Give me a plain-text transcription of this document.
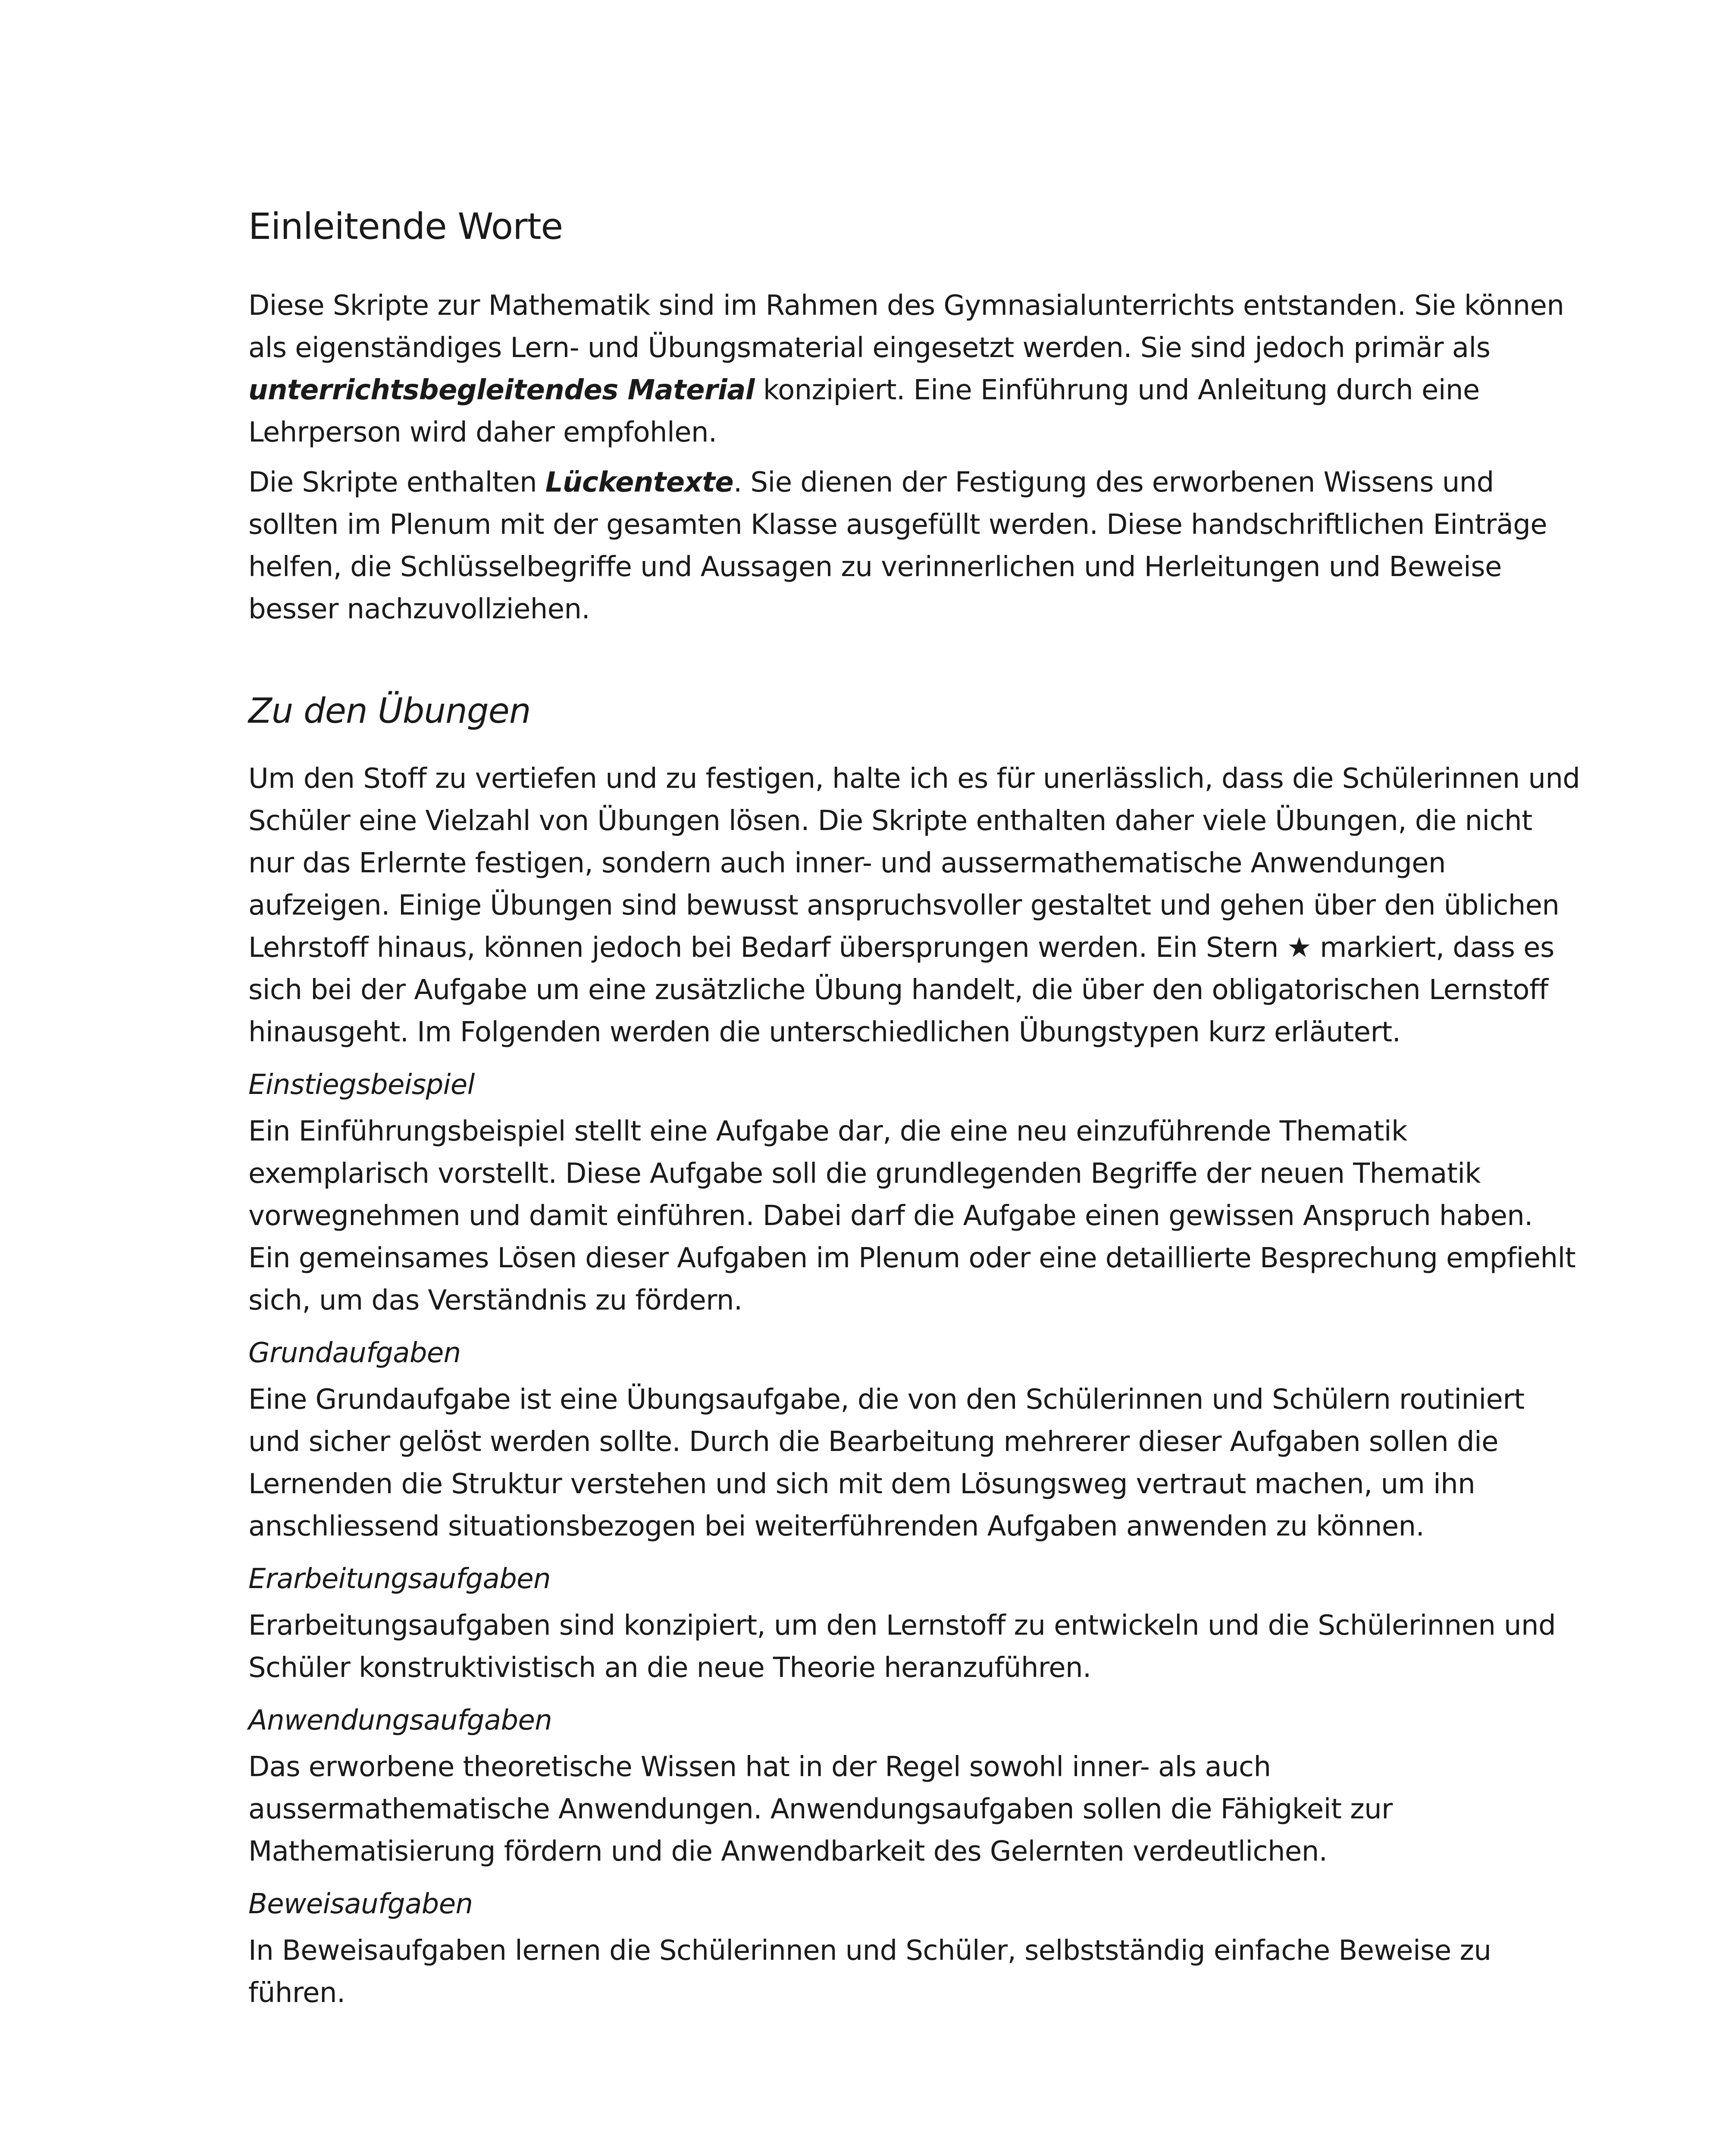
Einleitende Worte

Diese Skripte zur Mathematik sind im Rahmen des Gymnasialunterrichts entstanden. Sie können als eigenständiges Lern- und Übungsmaterial eingesetzt werden. Sie sind jedoch primär als unterrichtsbegleitendes Material konzipiert. Eine Einführung und Anleitung durch eine Lehrperson wird daher empfohlen.

Die Skripte enthalten Lückentexte. Sie dienen der Festigung des erworbenen Wissens und sollten im Plenum mit der gesamten Klasse ausgefüllt werden. Diese handschriftlichen Einträge helfen, die Schlüsselbegriffe und Aussagen zu verinnerlichen und Herleitungen und Beweise besser nachzuvollziehen.

Zu den Übungen

Um den Stoff zu vertiefen und zu festigen, halte ich es für unerlässlich, dass die Schülerinnen und Schüler eine Vielzahl von Übungen lösen. Die Skripte enthalten daher viele Übungen, die nicht nur das Erlernte festigen, sondern auch inner- und aussermathematische Anwendungen aufzeigen. Einige Übungen sind bewusst anspruchsvoller gestaltet und gehen über den üblichen Lehrstoff hinaus, können jedoch bei Bedarf übersprungen werden. Ein Stern ★ markiert, dass es sich bei der Aufgabe um eine zusätzliche Übung handelt, die über den obligatorischen Lernstoff hinausgeht. Im Folgenden werden die unterschiedlichen Übungstypen kurz erläutert.

Einstiegsbeispiel

Ein Einführungsbeispiel stellt eine Aufgabe dar, die eine neu einzuführende Thematik exemplarisch vorstellt. Diese Aufgabe soll die grundlegenden Begriffe der neuen Thematik vorwegnehmen und damit einführen. Dabei darf die Aufgabe einen gewissen Anspruch haben. Ein gemeinsames Lösen dieser Aufgaben im Plenum oder eine detaillierte Besprechung empfiehlt sich, um das Verständnis zu fördern.

Grundaufgaben

Eine Grundaufgabe ist eine Übungsaufgabe, die von den Schülerinnen und Schülern routiniert und sicher gelöst werden sollte. Durch die Bearbeitung mehrerer dieser Aufgaben sollen die Lernenden die Struktur verstehen und sich mit dem Lösungsweg vertraut machen, um ihn anschliessend situationsbezogen bei weiterführenden Aufgaben anwenden zu können.

Erarbeitungsaufgaben

Erarbeitungsaufgaben sind konzipiert, um den Lernstoff zu entwickeln und die Schülerinnen und Schüler konstruktivistisch an die neue Theorie heranzuführen.

Anwendungsaufgaben

Das erworbene theoretische Wissen hat in der Regel sowohl inner- als auch aussermathematische Anwendungen. Anwendungsaufgaben sollen die Fähigkeit zur Mathematisierung fördern und die Anwendbarkeit des Gelernten verdeutlichen.

Beweisaufgaben

In Beweisaufgaben lernen die Schülerinnen und Schüler, selbstständig einfache Beweise zu führen.
